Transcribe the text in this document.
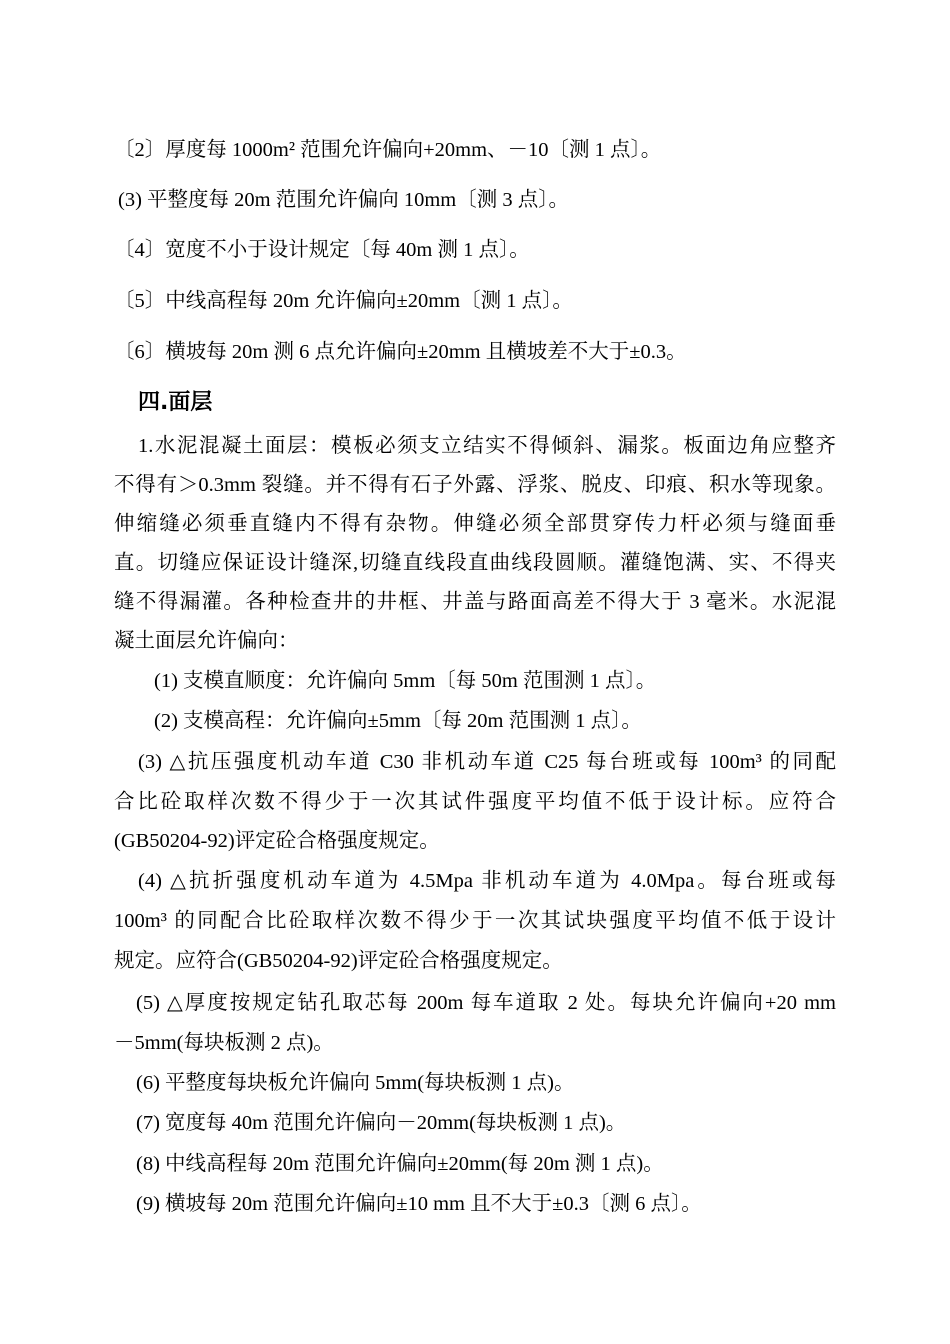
〔2〕厚度每 1000m² 范围允许偏向+20mm、－10〔测 1 点〕。
(3) 平整度每 20m 范围允许偏向 10mm〔测 3 点〕。
〔4〕宽度不小于设计规定〔每 40m 测 1 点〕。
〔5〕中线高程每 20m 允许偏向±20mm〔测 1 点〕。
〔6〕横坡每 20m 测 6 点允许偏向±20mm 且横坡差不大于±0.3。
四.面层
1.水泥混凝土面层：模板必须支立结实不得倾斜、漏浆。板面边角应整齐
不得有＞0.3mm 裂缝。并不得有石子外露、浮浆、脱皮、印痕、积水等现象。
伸缩缝必须垂直缝内不得有杂物。伸缝必须全部贯穿传力杆必须与缝面垂
直。切缝应保证设计缝深,切缝直线段直曲线段圆顺。灌缝饱满、实、不得夹
缝不得漏灌。各种检查井的井框、井盖与路面高差不得大于 3 毫米。水泥混
凝土面层允许偏向：
(1) 支模直顺度：允许偏向 5mm〔每 50m 范围测 1 点〕。
(2) 支模高程：允许偏向±5mm〔每 20m 范围测 1 点〕。
(3) △抗压强度机动车道 C30 非机动车道 C25 每台班或每 100m³ 的同配
合比砼取样次数不得少于一次其试件强度平均值不低于设计标。应符合
(GB50204-92)评定砼合格强度规定。
(4) △抗折强度机动车道为 4.5Mpa 非机动车道为 4.0Mpa。每台班或每
100m³ 的同配合比砼取样次数不得少于一次其试块强度平均值不低于设计
规定。应符合(GB50204-92)评定砼合格强度规定。
(5) △厚度按规定钻孔取芯每 200m 每车道取 2 处。每块允许偏向+20 mm
－5mm(每块板测 2 点)。
(6) 平整度每块板允许偏向 5mm(每块板测 1 点)。
(7) 宽度每 40m 范围允许偏向－20mm(每块板测 1 点)。
(8) 中线高程每 20m 范围允许偏向±20mm(每 20m 测 1 点)。
(9) 横坡每 20m 范围允许偏向±10 mm 且不大于±0.3〔测 6 点〕。
